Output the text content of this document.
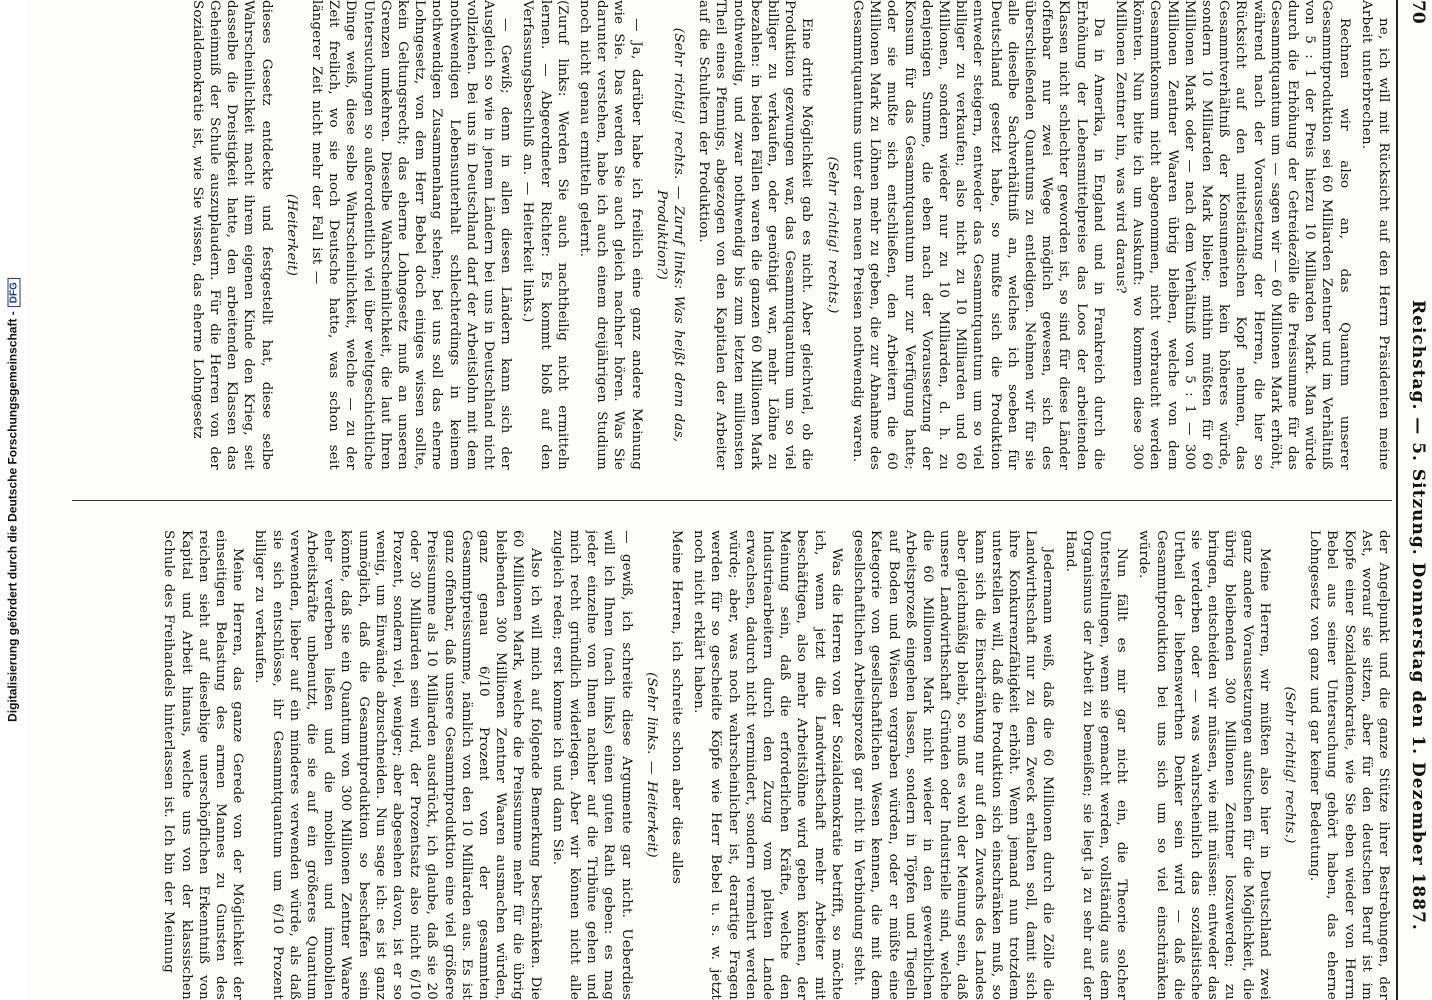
70
Reichstag. — 5. Sitzung. Donnerstag den 1. Dezember 1887.

ne, ich will mit Rücksicht auf den Herrn Präsidenten meine Arbeit unterbrechen.

Rechnen wir also an, das Quantum unserer Gesammtproduktion sei 60 Milliarden Zentner und im Verhältniß von 5 : 1 der Preis hierzu 10 Milliarden Mark. Man würde durch die Erhöhung der Getreidezölle die Preissumme für das Gesammtquantum um — sagen wir — 60 Millionen Mark erhöht, während nach der Voraussetzung der Herren, die hier so Rücksicht auf den mittelständischen Kopf nehmen, das Gesammtverhältniß der Konsumenten kein höheres würde, sondern 10 Milliarden Mark bliebe; mithin müßten für 60 Millionen Mark oder — nach dem Verhältniß von 5 : 1 — 300 Millionen Zentner Waaren übrig bleiben, welche von dem Gesammtkonsum nicht abgenommen, nicht verbraucht werden könnten. Nun bitte ich um Auskunft: wo kommen diese 300 Millionen Zentner hin, was wird daraus?

Da in Amerika, in England und in Frankreich durch die Erhöhung der Lebensmittelpreise das Loos der arbeitenden Klassen nicht schlechter geworden ist, so sind für diese Länder offenbar nur zwei Wege möglich gewesen, sich des überschießenden Quantums zu entledigen. Nehmen wir für sie alle dieselbe Sachverhältniß an, welches ich soeben für Deutschland gesetzt habe, so mußte sich die Produktion entweder steigern, entweder das Gesammtquantum um so viel billiger zu verkaufen; also nicht zu 10 Milliarden und 60 Millionen, sondern wieder nur zu 10 Milliarden, d. h. zu denjenigen Summe, die eben nach der Voraussetzung der Konsum für das Gesammtquantum nur zur Verfügung hatte; oder sie mußte sich entschließen, den Arbeitern die 60 Millionen Mark zu Löhnen mehr zu geben, die zur Abnahme des Gesammtquantums unter den neuen Preisen nothwendig waren.

(Sehr richtig! rechts.)

Eine dritte Möglichkeit gab es nicht. Aber gleichviel, ob die Produktion gezwungen war, das Gesammtquantum um so viel billiger zu verkaufen, oder genöthigt war, mehr Löhne zu bezahlen: in beiden Fällen waren die ganzen 60 Millionen Mark nothwendig, und zwar nothwendig bis zum letzten millionsten Theil eines Pfennigs, abgezogen von den Kapitalen der Arbeiter auf die Schultern der Produktion.

(Sehr richtig! rechts. — Zuruf links: Was heißt denn das, Produktion?)

— Ja, darüber habe ich freilich eine ganz andere Meinung wie Sie. Das werden Sie auch gleich nachher hören. Was Sie darunter verstehen, habe ich auch einem dreijährigen Studium noch nicht genau ermitteln gelernt.

(Zuruf links: Werden Sie auch nachtheilig nicht ermitteln lernen. — Abgeordneter Richter: Es kommt bloß auf den Verfassungsbeschluß an. — Heiterkeit links.)

— Gewiß; denn in allen diesen Ländern kann sich der Ausgleich so wie in jenem Ländern bei uns in Deutschland nicht vollziehen. Bei uns in Deutschland darf der Arbeitslohn mit dem nothwendigen Lebensunterhalt schlechterdings in keinem nothwendigen Zusammenhang stehen; bei uns soll das eherne Lohngesetz, von dem Herr Bebel doch einiges wissen sollte, kein Geltungsrecht; das eherne Lohngesetz muß an unseren Grenzen umkehren. Dieselbe Wahrscheinlichkeit, die laut Ihren Untersuchungen so außerordentlich viel über weltgeschichtliche Dinge weiß, diese selbe Wahrscheinlichkeit, welche — zu der Zeit freilich, wo sie noch Deutsche hatte, was schon seit längerer Zeit nicht mehr der Fall ist —

(Heiterkeit)

dieses Gesetz entdeckte und festgestellt hat, diese selbe Wahrscheinlichkeit macht ihrem eigenen Kinde den Krieg, seit dasselbe die Dreistigkeit hatte, den arbeitenden Klassen das Geheimniß der Schule auszuplaudern. Für die Herren von der Sozialdemokratie ist, wie Sie wissen, das eherne Lohngesetz

der Angelpunkt und die ganze Stütze ihrer Bestrebungen, der Ast, worauf sie sitzen, aber für den deutschen Beruf ist im Kopfe einer Sozialdemokratie, wie Sie eben wieder von Herrn Bebel aus seiner Untersuchung gehört haben, das eherne Lohngesetz von ganz und gar keiner Bedeutung.

(Sehr richtig! rechts.)

Meine Herren, wir müßten also hier in Deutschland zwei ganz andere Voraussetzungen aufsuchen für die Möglichkeit, die übrig bleibenden 300 Millionen Zentner loszuwerden; zu bringen, entscheiden wir müssen, wie mit müssen: entweder das sie verderben oder — was wahrscheinlich das sozialistische Urtheil der liebenswerthen Denker sein wird — daß die Gesammtproduktion bei uns sich um so viel einschränken würde.

Nun fällt es mir gar nicht ein, die Theorie solcher Unterstellungen, wenn sie gemacht werden, vollständig aus dem Organismus der Arbeit zu bemeißen; sie liegt ja zu sehr auf der Hand.

Jedermann weiß, daß die 60 Millionen durch die Zölle die Landwirthschaft nur zu dem Zweck erhalten soll, damit sich ihre Konkurrenzfähigkeit erhöht. Wenn jemand nun trotzdem unterstellen will, daß die Produktion sich einschränken muß, so kann sich die Einschränkung nur auf den Zuwachs des Landes aber gleichmäßig bleibt, so muß es wohl der Meinung sein, daß unsere Landwirthschaft Gründen oder Industrielle sind, welche die 60 Millionen Mark nicht wieder in den gewerblichen Arbeitsprozeß eingehen lassen, sondern in Töpfen und Tiegeln auf Boden und Wiesen vergraben würden, oder er müßte eine Kategorie von gesellschaftlichen Wesen kennen, die mit dem gesellschaftlichen Arbeitsprozeß gar nicht in Verbindung steht.

Was die Herren von der Sozialdemokratie betrifft, so möchte ich, wenn jetzt die Landwirthschaft mehr Arbeiter mit beschäftigen, also mehr Arbeitslöhne wird geben können, der Meinung sein, daß die erforderlichen Kräfte, welche den Industriearbeitern durch den Zuzug vom platten Lande erwachsen, dadurch nicht vermindert, sondern vermehrt werden würde; aber, was noch wahrscheinlicher ist, derartige Fragen werden für so gescheidte Köpfe wie Herr Bebel u. s. w. jetzt noch nicht erklärt haben.

Meine Herren, ich schreite schon aber dies alles

(Sehr links. — Heiterkeit)

— gewiß, ich schreite diese Argumente gar nicht. Ueberdies will ich Ihnen (nach links) einen guten Rath geben: es mag jeder einzelne von Ihnen nachher auf die Tribüne gehen und mich recht gründlich widerlegen. Aber wir können nicht alle zugleich reden; erst komme ich und dann Sie.

Also ich will mich auf folgende Bemerkung beschränken. Die 60 Millionen Mark, welche die Preissumme mehr für die übrig bleibenden 300 Millionen Zentner Waaren ausmachen würden, ganz genau 6/10 Prozent von der gesammten Gesammtpreissumme, nämlich von den 10 Milliarden aus. Es ist ganz offenbar, daß unsere Gesammtproduktion eine viel größere Preissumme als 10 Milliarden ausdrückt, ich glaube, daß sie 20 oder 30 Milliarden sein wird, der Prozentsatz also nicht 6/10 Prozent, sondern viel, weniger; aber abgesehen davon, ist er so wenig, um Einwände abzuschneiden. Nun sage ich: es ist ganz unmöglich, daß die Gesammtproduktion so beschaffen sein könnte, daß sie ein Quantum von 300 Millionen Zentner Waare eher verderben ließen und die mobilen und immobilen Arbeitskräfte unbenutzt, die sie auf ein größeres Quantum verwenden, lieber auf ein minderes verwenden würde, als daß sie sich entschlösse, ihr Gesammtquantum um 6/10 Prozent billiger zu verkaufen.

Meine Herren, das ganze Gerede von der Möglichkeit der einseitigen Belastung des armen Mannes zu Gunsten des reichen sieht auf dieselbige unerschöpflichen Erkenntniß von Kapital und Arbeit hinaus, welche uns von der klassischen Schule des Freihandels hinterlassen ist. Ich bin der Meinung

Digitalisierung gefördert durch die Deutsche Forschungsgemeinschaft -DFG
